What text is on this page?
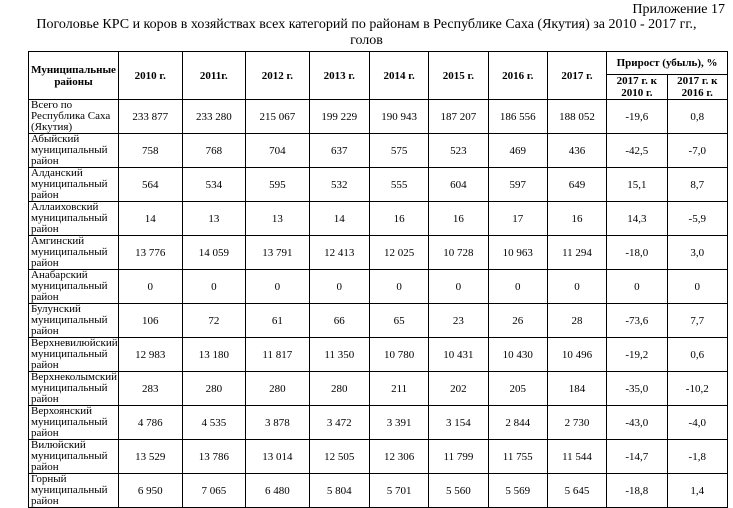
Приложение 17
Поголовье КРС и коров в хозяйствах всех категорий по районам в Республике Саха (Якутия) за 2010 - 2017 гг.,
голов
Муниципальные районы	2010 г.	2011г.	2012 г.	2013 г.	2014 г.	2015 г.	2016 г.	2017 г.	Прирост (убыль), %	
									2017 г. к 2010 г.	2017 г. к 2016 г.
Всего по Республика Саха (Якутия)	233 877	233 280	215 067	199 229	190 943	187 207	186 556	188 052	-19,6	0,8
Абыйский муниципальный район	758	768	704	637	575	523	469	436	-42,5	-7,0
Алданский муниципальный район	564	534	595	532	555	604	597	649	15,1	8,7
Аллаиховский муниципальный район	14	13	13	14	16	16	17	16	14,3	-5,9
Амгинский муниципальный район	13 776	14 059	13 791	12 413	12 025	10 728	10 963	11 294	-18,0	3,0
Анабарский муниципальный район	0	0	0	0	0	0	0	0	0	0
Булунский муниципальный район	106	72	61	66	65	23	26	28	-73,6	7,7
Верхневилюйский муниципальный район	12 983	13 180	11 817	11 350	10 780	10 431	10 430	10 496	-19,2	0,6
Верхнеколымский муниципальный район	283	280	280	280	211	202	205	184	-35,0	-10,2
Верхоянский муниципальный район	4 786	4 535	3 878	3 472	3 391	3 154	2 844	2 730	-43,0	-4,0
Вилюйский муниципальный район	13 529	13 786	13 014	12 505	12 306	11 799	11 755	11 544	-14,7	-1,8
Горный муниципальный район	6 950	7 065	6 480	5 804	5 701	5 560	5 569	5 645	-18,8	1,4
